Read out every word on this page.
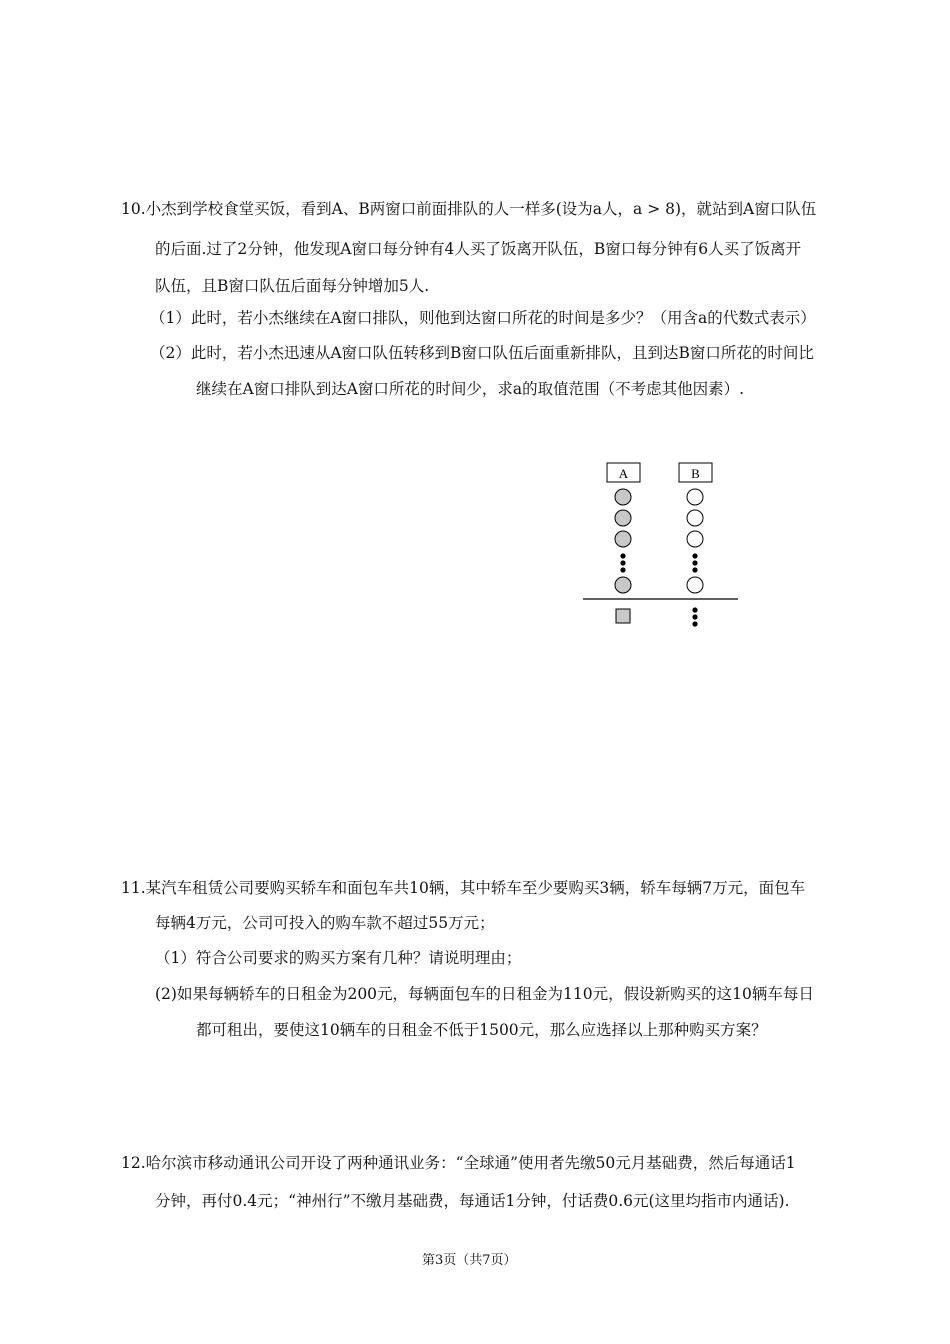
10.小杰到学校食堂买饭，看到A、B两窗口前面排队的人一样多(设为a人，a > 8)，就站到A窗口队伍
的后面.过了2分钟，他发现A窗口每分钟有4人买了饭离开队伍，B窗口每分钟有6人买了饭离开
队伍，且B窗口队伍后面每分钟增加5人.
（1）此时，若小杰继续在A窗口排队，则他到达窗口所花的时间是多少？（用含a的代数式表示）
（2）此时，若小杰迅速从A窗口队伍转移到B窗口队伍后面重新排队，且到达B窗口所花的时间比
继续在A窗口排队到达A窗口所花的时间少，求a的取值范围（不考虑其他因素）.
A	B
11.某汽车租赁公司要购买轿车和面包车共10辆，其中轿车至少要购买3辆，轿车每辆7万元，面包车
每辆4万元，公司可投入的购车款不超过55万元；
（1）符合公司要求的购买方案有几种？请说明理由；
(2)如果每辆轿车的日租金为200元，每辆面包车的日租金为110元，假设新购买的这10辆车每日
都可租出，要使这10辆车的日租金不低于1500元，那么应选择以上那种购买方案？
12.哈尔滨市移动通讯公司开设了两种通讯业务：“全球通”使用者先缴50元月基础费，然后每通话1
分钟，再付0.4元；“神州行”不缴月基础费，每通话1分钟，付话费0.6元(这里均指市内通话).
第3页（共7页）
